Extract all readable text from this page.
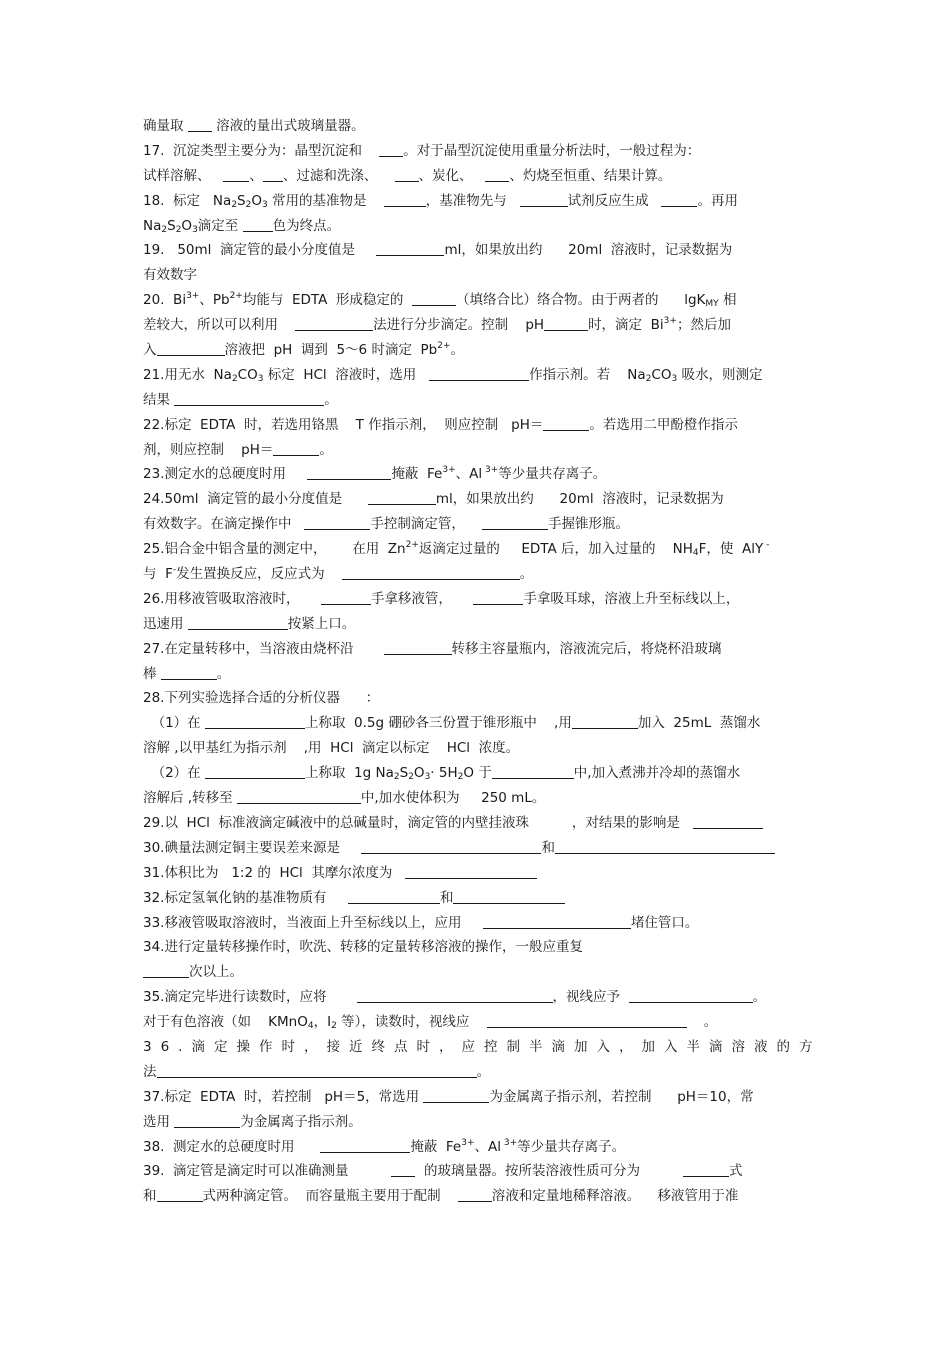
确量取  溶液的量出式玻璃量器。
17.  沉淀类型主要分为：晶型沉淀和    。对于晶型沉淀使用重量分析法时，一般过程为：
试样溶解、   、 、过滤和洗涤、    、炭化、   、灼烧至恒重、结果计算。
18.  标定   $Na_2S_2O_3$ 常用的基准物是	，基准物先与	试剂反应生成	。再用
$Na_2S_2O_3$滴定至 色为终点。
19.   50ml  滴定管的最小分度值是	ml，如果放出约      20ml  溶液时，记录数据为
有效数字
20.  $Bi^{3+}$、$Pb^{2+}$均能与  EDTA  形成稳定的	（填络合比）络合物。由于两者的      lgK$_{MY}$ 相
差较大，所以可以利用	法进行分步滴定。控制    pH	时，滴定  $Bi^{3+}$；然后加
入	溶液把  pH  调到  5～6 时滴定  $Pb^{2+}$。
21.用无水  $Na_2CO_3$ 标定  HCl  溶液时，选用	作指示剂。若    $Na_2CO_3$ 吸水，则测定
结果	。
22.标定  EDTA  时，若选用铬黑    T 作指示剂，  则应控制   pH＝	。若选用二甲酚橙作指示
剂，则应控制    pH＝	。
23.测定水的总硬度时用	掩蔽  $Fe^{3+}$、Al $^{3+}$等少量共存离子。
24.50ml  滴定管的最小分度值是	ml，如果放出约      20ml  溶液时，记录数据为
有效数字。在滴定操作中	手控制滴定管，	手握锥形瓶。
25.铝合金中铝含量的测定中，      在用  $Zn^{2+}$返滴定过量的     EDTA 后，加入过量的    $NH_4F$，使  AlY -
与  F-发生置换反应，反应式为	。
26.用移液管吸取溶液时，	手拿移液管，	手拿吸耳球，溶液上升至标线以上，
迅速用	按紧上口。
27.在定量转移中，当溶液由烧杯沿	转移主容量瓶内，溶液流完后，将烧杯沿玻璃
棒	。
28.下列实验选择合适的分析仪器      ：
（1）在	上称取  0.5g 硼砂各三份置于锥形瓶中    ,用	加入  25mL  蒸馏水
溶解 ,以甲基红为指示剂    ,用  HCl  滴定以标定    HCl  浓度。
（2）在	上称取  1g $Na_2S_2O_3\cdot 5H_2O$ 于	中,加入煮沸并冷却的蒸馏水
溶解后 ,转移至	中,加水使体积为     250 mL。
29.以  HCl  标准液滴定碱液中的总碱量时，滴定管的内壁挂液珠          ，对结果的影响是
30.碘量法测定铜主要误差来源是	和
31.体积比为   1:2 的  HCl  其摩尔浓度为
32.标定氢氧化钠的基准物质有	和
33.移液管吸取溶液时，当液面上升至标线以上，应用	堵住管口。
34.进行定量转移操作时，吹洗、转移的定量转移溶液的操作，一般应重复
次以上。
35.滴定完毕进行读数时，应将	，视线应予	。
对于有色溶液（如    KMnO$_4$，$I_2$ 等），读数时，视线应	。
36.滴定操作时，接近终点时，应控制半滴加入，加入半滴溶液的方
法	。
37.标定  EDTA  时，若控制   pH＝5，常选用	为金属离子指示剂，若控制      pH＝10，常
选用	为金属离子指示剂。
38.  测定水的总硬度时用	掩蔽  $Fe^{3+}$、Al $^{3+}$等少量共存离子。
39.  滴定管是滴定时可以准确测量            的玻璃量器。按所装溶液性质可分为	式
和	式两种滴定管。  而容量瓶主要用于配制	溶液和定量地稀释溶液。    移液管用于准
